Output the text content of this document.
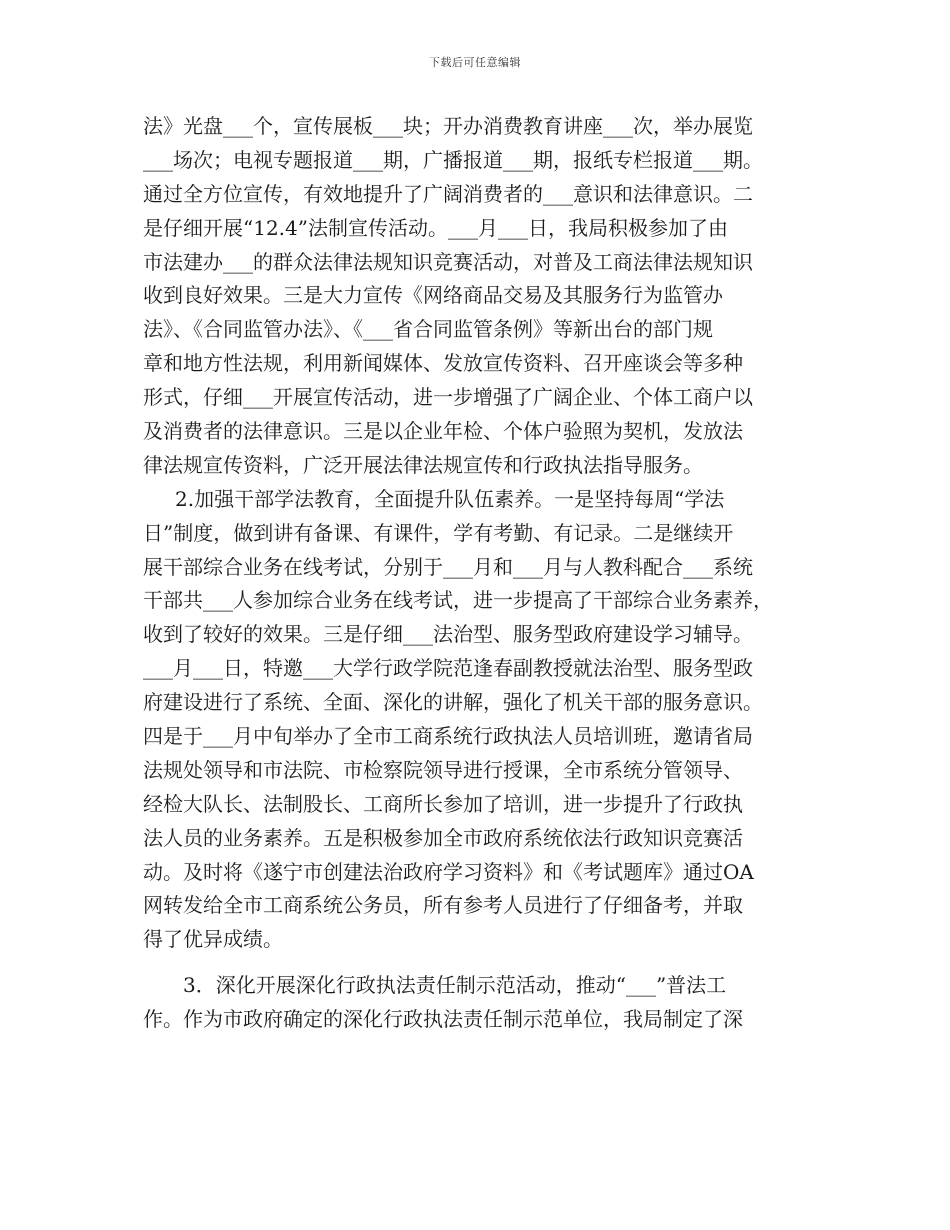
下载后可任意编辑
法》光盘___个，宣传展板___块；开办消费教育讲座___次，举办展览
___场次；电视专题报道___期，广播报道___期，报纸专栏报道___期。
通过全方位宣传，有效地提升了广阔消费者的___意识和法律意识。二
是仔细开展“12.4”法制宣传活动。___月___日，我局积极参加了由
市法建办___的群众法律法规知识竞赛活动，对普及工商法律法规知识
收到良好效果。三是大力宣传《网络商品交易及其服务行为监管办
法》、《合同监管办法》、《___省合同监管条例》等新出台的部门规
章和地方性法规，利用新闻媒体、发放宣传资料、召开座谈会等多种
形式，仔细___开展宣传活动，进一步增强了广阔企业、个体工商户以
及消费者的法律意识。三是以企业年检、个体户验照为契机，发放法
律法规宣传资料，广泛开展法律法规宣传和行政执法指导服务。
2.加强干部学法教育，全面提升队伍素养。一是坚持每周“学法
日”制度，做到讲有备课、有课件，学有考勤、有记录。二是继续开
展干部综合业务在线考试，分别于___月和___月与人教科配合___系统
干部共___人参加综合业务在线考试，进一步提高了干部综合业务素养，
收到了较好的效果。三是仔细___法治型、服务型政府建设学习辅导。
___月___日，特邀___大学行政学院范逢春副教授就法治型、服务型政
府建设进行了系统、全面、深化的讲解，强化了机关干部的服务意识。
四是于___月中旬举办了全市工商系统行政执法人员培训班，邀请省局
法规处领导和市法院、市检察院领导进行授课，全市系统分管领导、
经检大队长、法制股长、工商所长参加了培训，进一步提升了行政执
法人员的业务素养。五是积极参加全市政府系统依法行政知识竞赛活
动。及时将《遂宁市创建法治政府学习资料》和《考试题库》通过OA
网转发给全市工商系统公务员，所有参考人员进行了仔细备考，并取
得了优异成绩。
3．深化开展深化行政执法责任制示范活动，推动“___”普法工
作。作为市政府确定的深化行政执法责任制示范单位，我局制定了深
